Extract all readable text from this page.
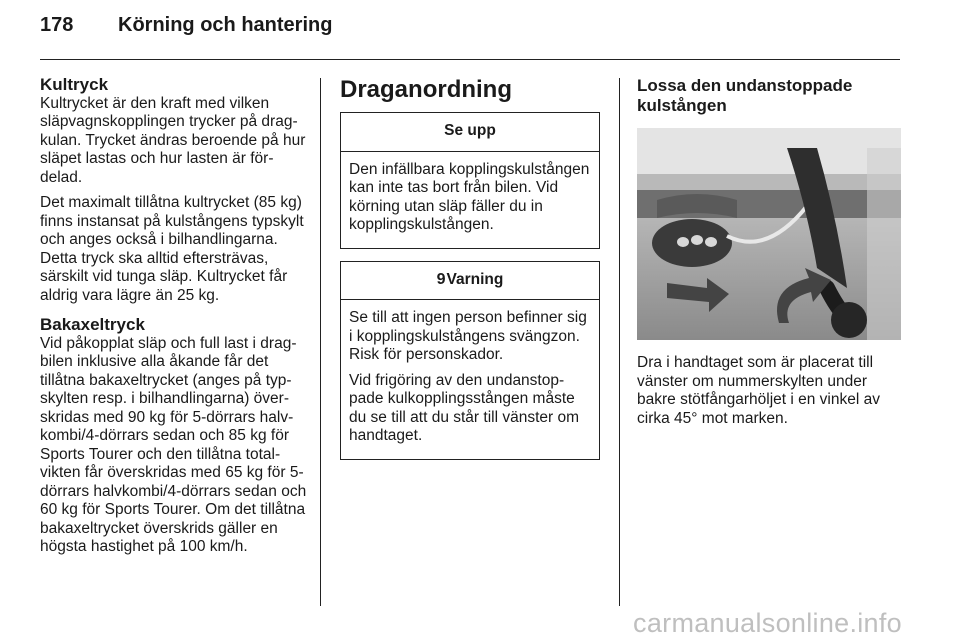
178 Körning och hantering
Kultryck

Kultrycket är den kraft med vilken släpvagnskopplingen trycker på dragkulan. Trycket ändras beroende på hur släpet lastas och hur lasten är fördelad.

Det maximalt tillåtna kultrycket (85 kg) finns instansat på kulstångens typskylt och anges också i bilhandlingarna. Detta tryck ska alltid eftersträvas, särskilt vid tunga släp. Kultrycket får aldrig vara lägre än 25 kg.

Bakaxeltryck

Vid påkopplat släp och full last i dragbilen inklusive alla åkande får det tillåtna bakaxeltrycket (anges på typskylten resp. i bilhandlingarna) överskridas med 90 kg för 5-dörrars halvkombi/4-dörrars sedan och 85 kg för Sports Tourer och den tillåtna totalvikten får överskridas med 65 kg för 5-dörrars halvkombi/4-dörrars sedan och 60 kg för Sports Tourer. Om det tillåtna bakaxeltrycket överskrids gäller en högsta hastighet på 100 km/h.

Draganordning
Se upp

Den infällbara kopplingskulstången kan inte tas bort från bilen. Vid körning utan släp fäller du in kopplingskulstången.

9Varning

Se till att ingen person befinner sig i kopplingskulstångens svängzon. Risk för personskador.

Vid frigöring av den undanstoppade kulkopplingsstången måste du se till att du står till vänster om handtaget.

Lossa den undanstoppade kulstången

Dra i handtaget som är placerat till vänster om nummerskylten under bakre stötfångarhöljet i en vinkel av cirka 45° mot marken.

carmanualsonline.info
